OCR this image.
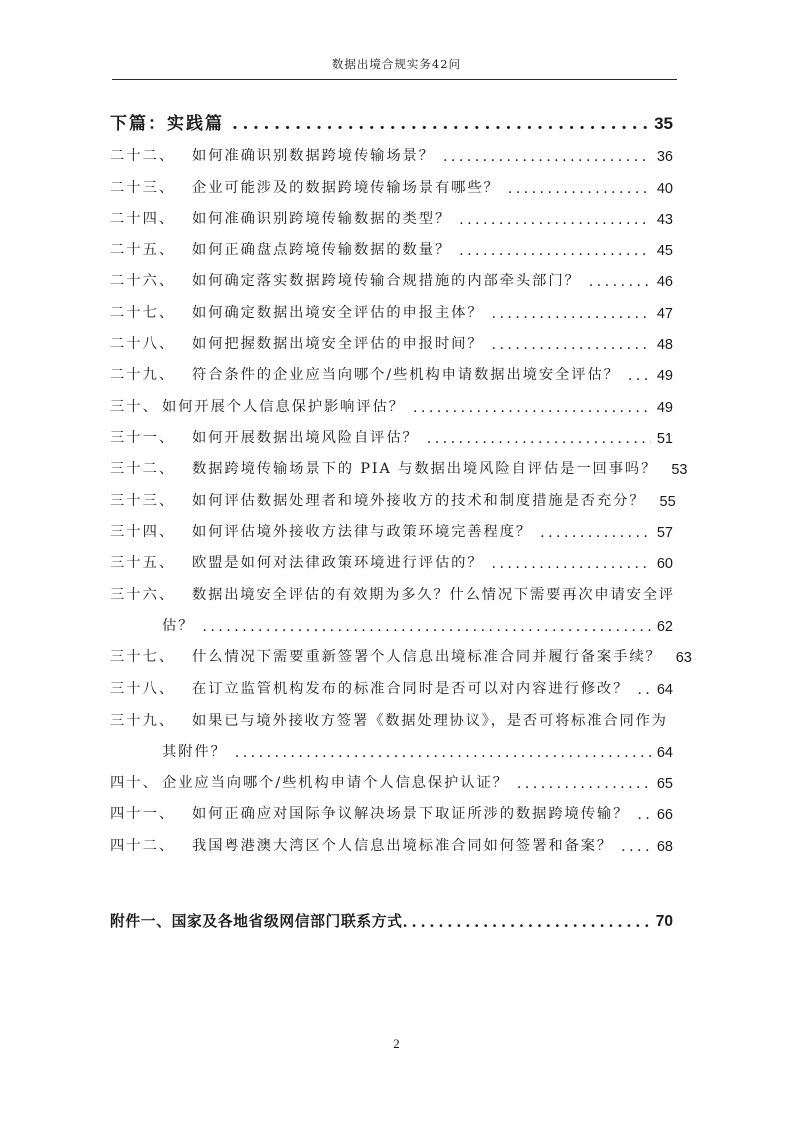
数据出境合规实务42问
下篇：实践篇 .....	35
二十二、	如何准确识别数据跨境传输场景？ .....	36
二十三、	企业可能涉及的数据跨境传输场景有哪些？ .....	40
二十四、	如何准确识别跨境传输数据的类型？ .....	43
二十五、	如何正确盘点跨境传输数据的数量？ .....	45
二十六、	如何确定落实数据跨境传输合规措施的内部牵头部门？ .....	46
二十七、	如何确定数据出境安全评估的申报主体？ .....	47
二十八、	如何把握数据出境安全评估的申报时间？ .....	48
二十九、	符合条件的企业应当向哪个/些机构申请数据出境安全评估？ .....	49
三十、 如何开展个人信息保护影响评估？ .....	49
三十一、	如何开展数据出境风险自评估？ .....	51
三十二、	数据跨境传输场景下的 PIA 与数据出境风险自评估是一回事吗？ 53
三十三、	如何评估数据处理者和境外接收方的技术和制度措施是否充分？ 55
三十四、	如何评估境外接收方法律与政策环境完善程度？ .....	57
三十五、	欧盟是如何对法律政策环境进行评估的？ .....	60
三十六、	数据出境安全评估的有效期为多久？什么情况下需要再次申请安全评
估？ .....	62
三十七、	什么情况下需要重新签署个人信息出境标准合同并履行备案手续？ 63
三十八、	在订立监管机构发布的标准合同时是否可以对内容进行修改？ ..... 64
三十九、	如果已与境外接收方签署《数据处理协议》，是否可将标准合同作为
其附件？ .....	64
四十、 企业应当向哪个/些机构申请个人信息保护认证？ .....	65
四十一、	如何正确应对国际争议解决场景下取证所涉的数据跨境传输？ ..... 66
四十二、	我国粤港澳大湾区个人信息出境标准合同如何签署和备案？ .....	68
附件一、国家及各地省级网信部门联系方式 .....	70
2
